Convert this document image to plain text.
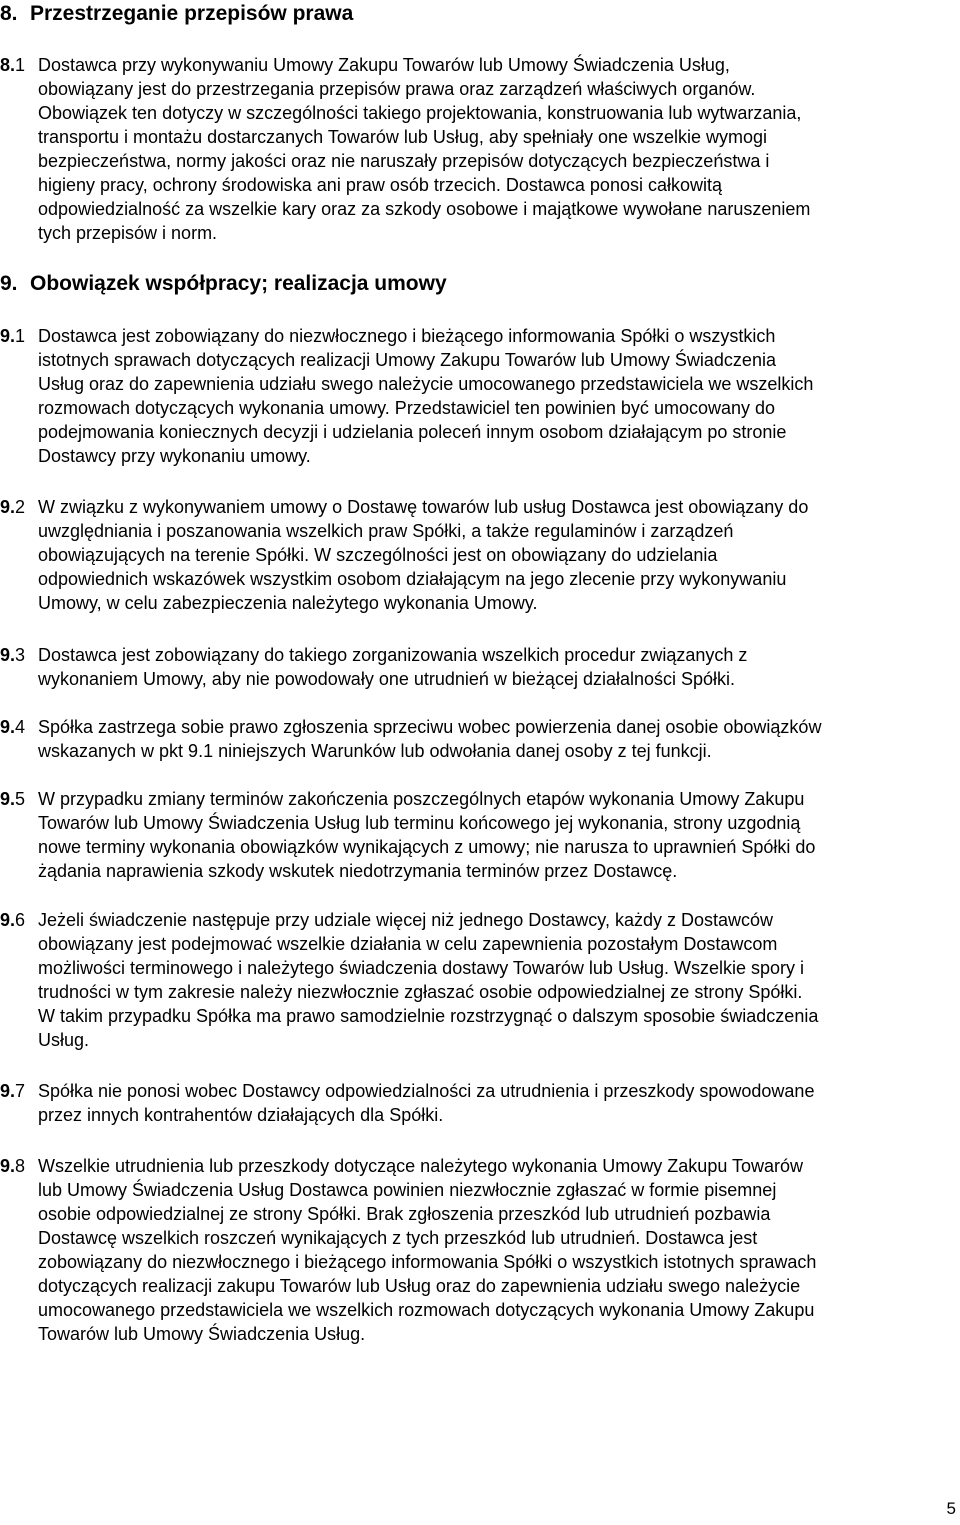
8. Przestrzeganie przepisów prawa
8.1 Dostawca przy wykonywaniu Umowy Zakupu Towarów lub Umowy Świadczenia Usług,
obowiązany jest do przestrzegania przepisów prawa oraz zarządzeń właściwych organów.
Obowiązek ten dotyczy w szczególności takiego projektowania, konstruowania lub wytwarzania,
transportu i montażu dostarczanych Towarów lub Usług, aby spełniały one wszelkie wymogi
bezpieczeństwa, normy jakości oraz nie naruszały przepisów dotyczących bezpieczeństwa i
higieny pracy, ochrony środowiska ani praw osób trzecich. Dostawca ponosi całkowitą
odpowiedzialność za wszelkie kary oraz za szkody osobowe i majątkowe wywołane naruszeniem
tych przepisów i norm.
9. Obowiązek współpracy; realizacja umowy
9.1 Dostawca jest zobowiązany do niezwłocznego i bieżącego informowania Spółki o wszystkich
istotnych sprawach dotyczących realizacji Umowy Zakupu Towarów lub Umowy Świadczenia
Usług oraz do zapewnienia udziału swego należycie umocowanego przedstawiciela we wszelkich
rozmowach dotyczących wykonania umowy. Przedstawiciel ten powinien być umocowany do
podejmowania koniecznych decyzji i udzielania poleceń innym osobom działającym po stronie
Dostawcy przy wykonaniu umowy.
9.2 W związku z wykonywaniem umowy o Dostawę towarów lub usług Dostawca jest obowiązany do
uwzględniania i poszanowania wszelkich praw Spółki, a także regulaminów i zarządzeń
obowiązujących na terenie Spółki. W szczególności jest on obowiązany do udzielania
odpowiednich wskazówek wszystkim osobom działającym na jego zlecenie przy wykonywaniu
Umowy, w celu zabezpieczenia należytego wykonania Umowy.
9.3 Dostawca jest zobowiązany do takiego zorganizowania wszelkich procedur związanych z
wykonaniem Umowy, aby nie powodowały one utrudnień w bieżącej działalności Spółki.
9.4 Spółka zastrzega sobie prawo zgłoszenia sprzeciwu wobec powierzenia danej osobie obowiązków
wskazanych w pkt 9.1 niniejszych Warunków lub odwołania danej osoby z tej funkcji.
9.5 W przypadku zmiany terminów zakończenia poszczególnych etapów wykonania Umowy Zakupu
Towarów lub Umowy Świadczenia Usług lub terminu końcowego jej wykonania, strony uzgodnią
nowe terminy wykonania obowiązków wynikających z umowy; nie narusza to uprawnień Spółki do
żądania naprawienia szkody wskutek niedotrzymania terminów przez Dostawcę.
9.6 Jeżeli świadczenie następuje przy udziale więcej niż jednego Dostawcy, każdy z Dostawców
obowiązany jest podejmować wszelkie działania w celu zapewnienia pozostałym Dostawcom
możliwości terminowego i należytego świadczenia dostawy Towarów lub Usług. Wszelkie spory i
trudności w tym zakresie należy niezwłocznie zgłaszać osobie odpowiedzialnej ze strony Spółki.
W takim przypadku Spółka ma prawo samodzielnie rozstrzygnąć o dalszym sposobie świadczenia
Usług.
9.7 Spółka nie ponosi wobec Dostawcy odpowiedzialności za utrudnienia i przeszkody spowodowane
przez innych kontrahentów działających dla Spółki.
9.8 Wszelkie utrudnienia lub przeszkody dotyczące należytego wykonania Umowy Zakupu Towarów
lub Umowy Świadczenia Usług Dostawca powinien niezwłocznie zgłaszać w formie pisemnej
osobie odpowiedzialnej ze strony Spółki. Brak zgłoszenia przeszkód lub utrudnień pozbawia
Dostawcę wszelkich roszczeń wynikających z tych przeszkód lub utrudnień. Dostawca jest
zobowiązany do niezwłocznego i bieżącego informowania Spółki o wszystkich istotnych sprawach
dotyczących realizacji zakupu Towarów lub Usług oraz do zapewnienia udziału swego należycie
umocowanego przedstawiciela we wszelkich rozmowach dotyczących wykonania Umowy Zakupu
Towarów lub Umowy Świadczenia Usług.
5
